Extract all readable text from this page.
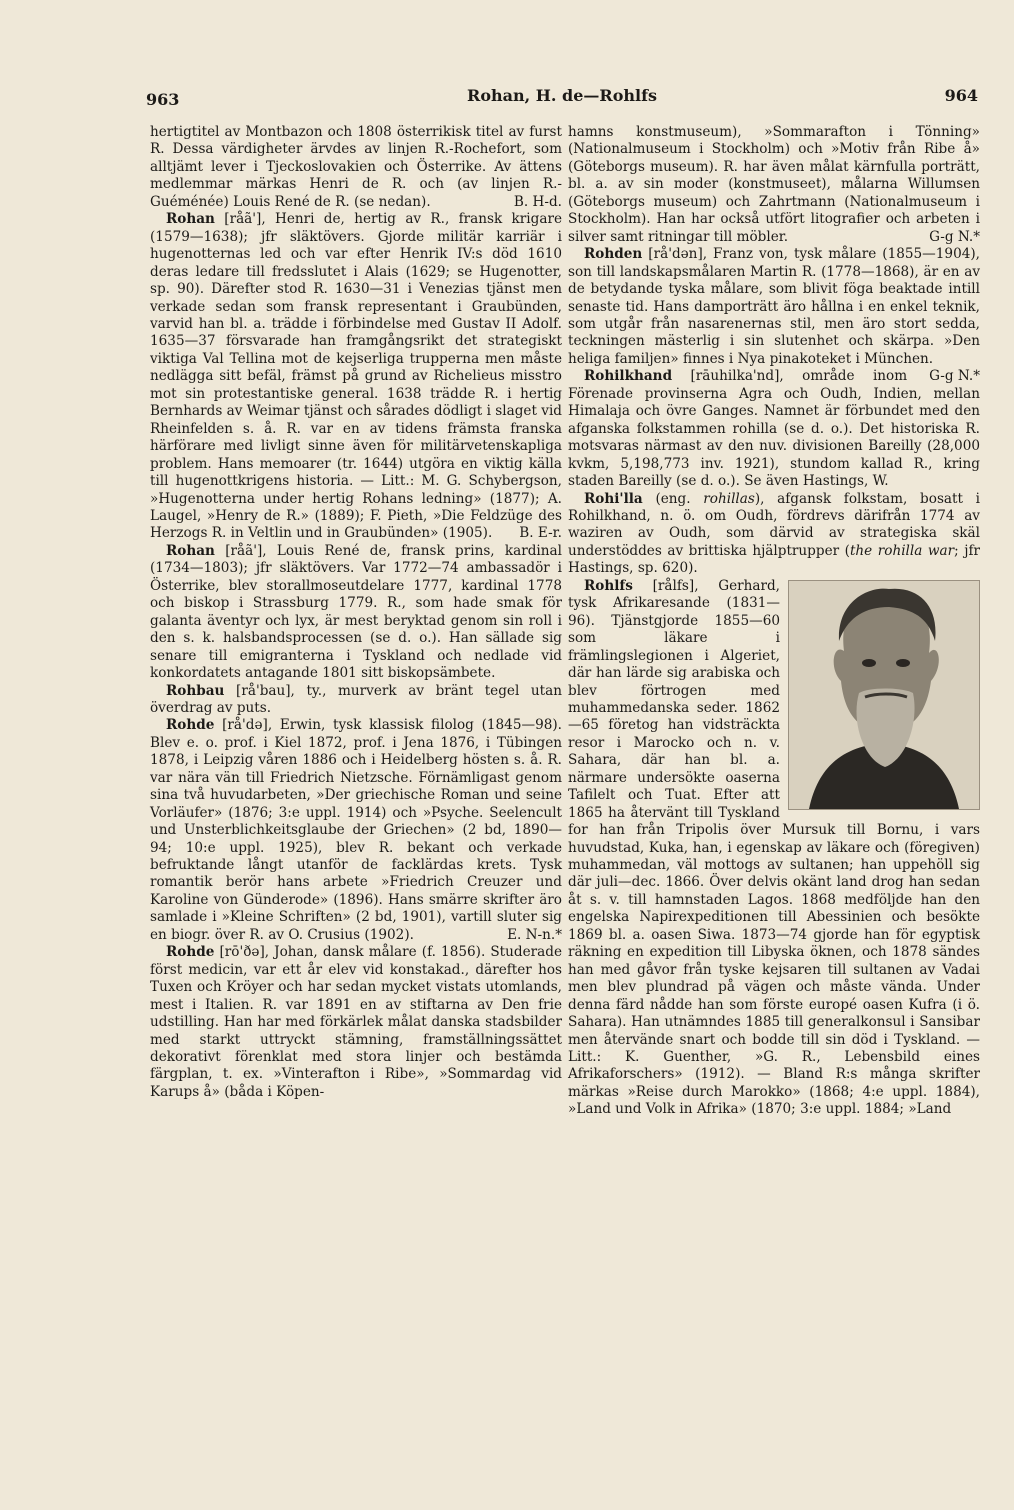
963	Rohan, H. de—Rohlfs	964

hertigtitel av Montbazon och 1808 österrikisk titel av furst R. Dessa värdigheter ärvdes av linjen R.-Rochefort, som alltjämt lever i Tjeckoslovakien och Österrike. Av ättens medlemmar märkas Henri de R. och (av linjen R.-Guéménée) Louis René de R. (se nedan).	B. H-d.

Rohan [råã'], Henri de, hertig av R., fransk krigare (1579—1638); jfr släktövers. Gjorde militär karriär i hugenotternas led och var efter Henrik IV:s död 1610 deras ledare till fredsslutet i Alais (1629; se Hugenotter, sp. 90). Därefter stod R. 1630—31 i Venezias tjänst men verkade sedan som fransk representant i Graubünden, varvid han bl. a. trädde i förbindelse med Gustav II Adolf. 1635—37 försvarade han framgångsrikt det strategiskt viktiga Val Tellina mot de kejserliga trupperna men måste nedlägga sitt befäl, främst på grund av Richelieus misstro mot sin protestantiske general. 1638 trädde R. i hertig Bernhards av Weimar tjänst och sårades dödligt i slaget vid Rheinfelden s. å. R. var en av tidens främsta franska härförare med livligt sinne även för militärvetenskapliga problem. Hans memoarer (tr. 1644) utgöra en viktig källa till hugenottkrigens historia. — Litt.: M. G. Schybergson, »Hugenotterna under hertig Rohans ledning» (1877); A. Laugel, »Henry de R.» (1889); F. Pieth, »Die Feldzüge des Herzogs R. in Veltlin und in Graubünden» (1905).	B. E-r.

Rohan [råã'], Louis René de, fransk prins, kardinal (1734—1803); jfr släktövers. Var 1772—74 ambassadör i Österrike, blev storallmoseutdelare 1777, kardinal 1778 och biskop i Strassburg 1779. R., som hade smak för galanta äventyr och lyx, är mest beryktad genom sin roll i den s. k. halsbandsprocessen (se d. o.). Han sällade sig senare till emigranterna i Tyskland och nedlade vid konkordatets antagande 1801 sitt biskopsämbete.

Rohbau [rå'bau], ty., murverk av bränt tegel utan överdrag av puts.

Rohde [rå'də], Erwin, tysk klassisk filolog (1845—98). Blev e. o. prof. i Kiel 1872, prof. i Jena 1876, i Tübingen 1878, i Leipzig våren 1886 och i Heidelberg hösten s. å. R. var nära vän till Friedrich Nietzsche. Förnämligast genom sina två huvudarbeten, »Der griechische Roman und seine Vorläufer» (1876; 3:e uppl. 1914) och »Psyche. Seelencult und Unsterblichkeitsglaube der Griechen» (2 bd, 1890—94; 10:e uppl. 1925), blev R. bekant och verkade befruktande långt utanför de facklärdas krets. Tysk romantik berör hans arbete »Friedrich Creuzer und Karoline von Günderode» (1896). Hans smärre skrifter äro samlade i »Kleine Schriften» (2 bd, 1901), vartill sluter sig en biogr. över R. av O. Crusius (1902).	E. N-n.*

Rohde [rō'ðə], Johan, dansk målare (f. 1856). Studerade först medicin, var ett år elev vid konstakad., därefter hos Tuxen och Kröyer och har sedan mycket vistats utomlands, mest i Italien. R. var 1891 en av stiftarna av Den frie udstilling. Han har med förkärlek målat danska stadsbilder med starkt uttryckt stämning, framställningssättet dekorativt förenklat med stora linjer och bestämda färgplan, t. ex. »Vinterafton i Ribe», »Sommardag vid Karups å» (båda i Köpen-

hamns konstmuseum), »Sommarafton i Tönning» (Nationalmuseum i Stockholm) och »Motiv från Ribe å» (Göteborgs museum). R. har även målat kärnfulla porträtt, bl. a. av sin moder (konstmuseet), målarna Willumsen (Göteborgs museum) och Zahrtmann (Nationalmuseum i Stockholm). Han har också utfört litografier och arbeten i silver samt ritningar till möbler.	G-g N.*

Rohden [rå'dən], Franz von, tysk målare (1855—1904), son till landskapsmålaren Martin R. (1778—1868), är en av de betydande tyska målare, som blivit föga beaktade intill senaste tid. Hans damporträtt äro hållna i en enkel teknik, som utgår från nasarenernas stil, men äro stort sedda, teckningen mästerlig i sin slutenhet och skärpa. »Den heliga familjen» finnes i Nya pinakoteket i München.
G-g N.*

Rohilkhand [rāuhilka'nd], område inom Förenade provinserna Agra och Oudh, Indien, mellan Himalaja och övre Ganges. Namnet är förbundet med den afganska folkstammen rohilla (se d. o.). Det historiska R. motsvaras närmast av den nuv. divisionen Bareilly (28,000 kvkm, 5,198,773 inv. 1921), stundom kallad R., kring staden Bareilly (se d. o.). Se även Hastings, W.

Rohi'lla (eng. rohillas), afgansk folkstam, bosatt i Rohilkhand, n. ö. om Oudh, fördrevs därifrån 1774 av waziren av Oudh, som därvid av strategiska skäl understöddes av brittiska hjälptrupper (the rohilla war; jfr Hastings, sp. 620).

Rohlfs [rålfs], Gerhard, tysk Afrikaresande (1831—96). Tjänstgjorde 1855—60 som läkare i främlingslegionen i Algeriet, där han lärde sig arabiska och blev förtrogen med muhammedanska seder. 1862—65 företog han vidsträckta resor i Marocko och n. v. Sahara, där han bl. a. närmare undersökte oaserna Tafilelt och Tuat. Efter att 1865 ha återvänt till Tyskland for han från Tripolis över Mursuk till Bornu, i vars huvudstad, Kuka, han, i egenskap av läkare och (föregiven) muhammedan, väl mottogs av sultanen; han uppehöll sig där juli—dec. 1866. Över delvis okänt land drog han sedan åt s. v. till hamnstaden Lagos. 1868 medföljde han den engelska Napirexpeditionen till Abessinien och besökte 1869 bl. a. oasen Siwa. 1873—74 gjorde han för egyptisk räkning en expedition till Libyska öknen, och 1878 sändes han med gåvor från tyske kejsaren till sultanen av Vadai men blev plundrad på vägen och måste vända. Under denna färd nådde han som förste europé oasen Kufra (i ö. Sahara). Han utnämndes 1885 till generalkonsul i Sansibar men återvände snart och bodde till sin död i Tyskland. — Litt.: K. Guenther, »G. R., Lebensbild eines Afrikaforschers» (1912). — Bland R:s många skrifter märkas »Reise durch Marokko» (1868; 4:e uppl. 1884), »Land und Volk in Afrika» (1870; 3:e uppl. 1884; »Land
